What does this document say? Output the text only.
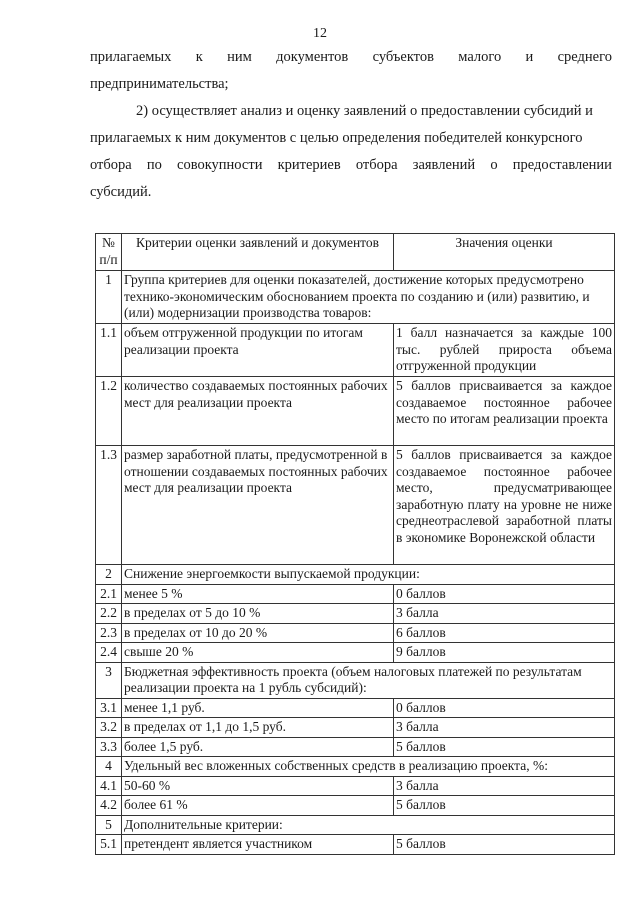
12
прилагаемых к ним документов субъектов малого и среднего
предпринимательства;
2) осуществляет анализ и оценку заявлений о предоставлении субсидий и
прилагаемых к ним документов с целью определения победителей конкурсного
отбора по совокупности критериев отбора заявлений о предоставлении
субсидий.
№ п/п	Критерии оценки заявлений и документов	Значения оценки
1	Группа критериев для оценки показателей, достижение которых предусмотрено технико-экономическим обоснованием проекта по созданию и (или) развитию, и (или) модернизации производства товаров:	
1.1	объем отгруженной продукции по итогам реализации проекта	1 балл назначается за каждые 100 тыс. рублей прироста объема отгруженной продукции
1.2	количество создаваемых постоянных рабочих мест для реализации проекта	5 баллов присваивается за каждое создаваемое постоянное рабочее место по итогам реализации проекта
1.3	размер заработной платы, предусмотренной в отношении создаваемых постоянных рабочих мест для реализации проекта	5 баллов присваивается за каждое создаваемое постоянное рабочее место, предусматривающее заработную плату на уровне не ниже среднеотраслевой заработной платы в экономике Воронежской области
2	Снижение энергоемкости выпускаемой продукции:	
2.1	менее 5 %	0 баллов
2.2	в пределах от 5 до 10 %	3 балла
2.3	в пределах от 10 до 20 %	6 баллов
2.4	свыше 20 %	9 баллов
3	Бюджетная эффективность проекта (объем налоговых платежей по результатам реализации проекта на 1 рубль субсидий):	
3.1	менее 1,1 руб.	0 баллов
3.2	в пределах от 1,1 до 1,5 руб.	3 балла
3.3	более 1,5 руб.	5 баллов
4	Удельный вес вложенных собственных средств в реализацию проекта, %:	
4.1	50-60 %	3 балла
4.2	более 61 %	5 баллов
5	Дополнительные критерии:	
5.1	претендент является участником	5 баллов
